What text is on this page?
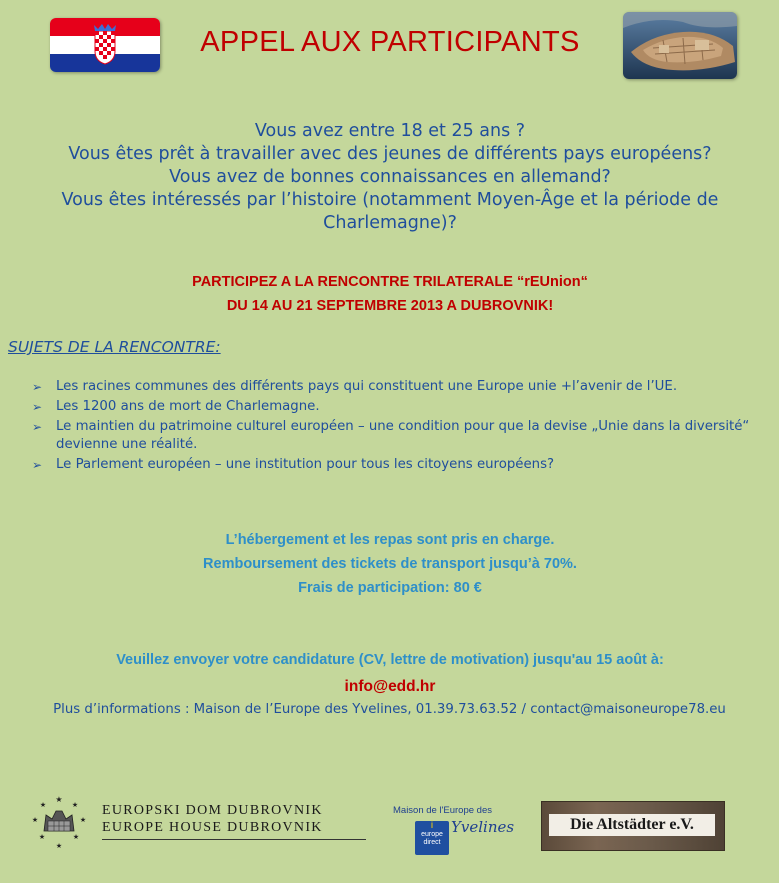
APPEL AUX PARTICIPANTS
Vous avez entre 18 et 25 ans ?
Vous êtes prêt à travailler avec des jeunes de différents pays européens?
Vous avez de bonnes connaissances en allemand?
Vous êtes intéressés par l’histoire (notamment Moyen-Âge et la période de
Charlemagne)?
PARTICIPEZ A LA RENCONTRE TRILATERALE “rEUnion“
DU 14 AU 21 SEPTEMBRE 2013 A DUBROVNIK!
SUJETS DE LA RENCONTRE:
➢ Les racines communes des différents pays qui constituent une Europe unie +l’avenir de l’UE.
➢ Les 1200 ans de mort de Charlemagne.
➢ Le maintien du patrimoine culturel européen – une condition pour que la devise „Unie dans la diversité“ devienne une réalité.
➢ Le Parlement européen – une institution pour tous les citoyens européens?
L’hébergement et les repas sont pris en charge.
Remboursement des tickets de transport jusqu’à 70%.
Frais de participation: 80 €
Veuillez envoyer votre candidature (CV, lettre de motivation) jusqu'au 15 août à:
info@edd.hr
Plus d’informations : Maison de l’Europe des Yvelines, 01.39.73.63.52 / contact@maisoneurope78.eu
★
★
★
★
★
★
★
★	EUROPSKI DOM DUBROVNIK
EUROPE HOUSE DUBROVNIK
Maison de l'Europe des
Yvelines
i
europe
direct
Die Altstädter e.V.
